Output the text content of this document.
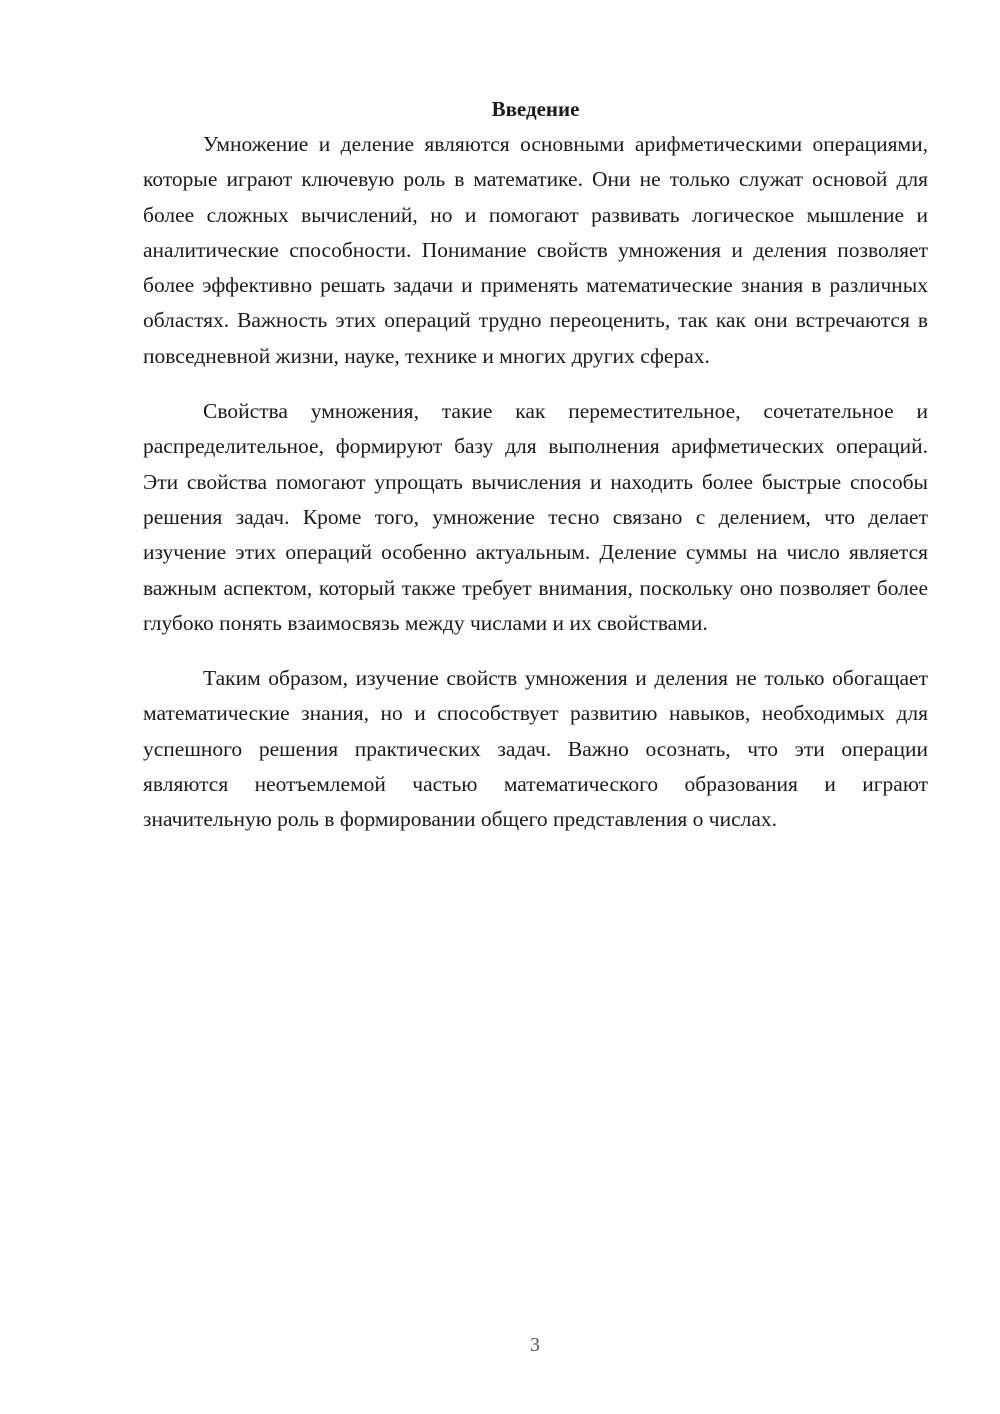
Введение

Умножение и деление являются основными арифметическими операциями, которые играют ключевую роль в математике. Они не только служат основой для более сложных вычислений, но и помогают развивать логическое мышление и аналитические способности. Понимание свойств умножения и деления позволяет более эффективно решать задачи и применять математические знания в различных областях. Важность этих операций трудно переоценить, так как они встречаются в повседневной жизни, науке, технике и многих других сферах.

Свойства умножения, такие как переместительное, сочетательное и распределительное, формируют базу для выполнения арифметических операций. Эти свойства помогают упрощать вычисления и находить более быстрые способы решения задач. Кроме того, умножение тесно связано с делением, что делает изучение этих операций особенно актуальным. Деление суммы на число является важным аспектом, который также требует внимания, поскольку оно позволяет более глубоко понять взаимосвязь между числами и их свойствами.

Таким образом, изучение свойств умножения и деления не только обогащает математические знания, но и способствует развитию навыков, необходимых для успешного решения практических задач. Важно осознать, что эти операции являются неотъемлемой частью математического образования и играют значительную роль в формировании общего представления о числах.

3
